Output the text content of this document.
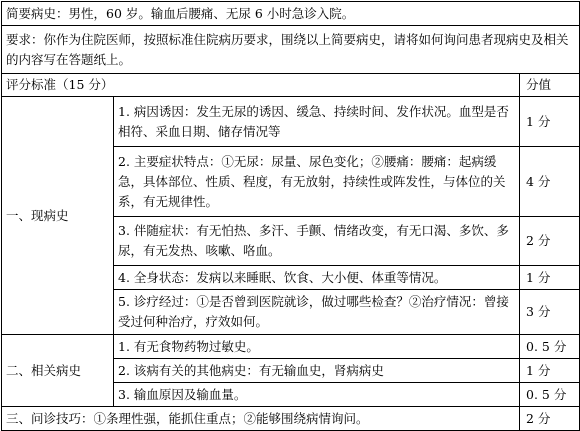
简要病史：男性，60 岁。输血后腰痛、无尿 6 小时急诊入院。		
要求：你作为住院医师，按照标准住院病历要求，围绕以上简要病史，请将如何询问患者现病史及相关的内容写在答题纸上。		
评分标准（15 分）		分值
一、现病史	1. 病因诱因：发生无尿的诱因、缓急、持续时间、发作状况。血型是否相符、采血日期、储存情况等	1 分
	2. 主要症状特点：①无尿：尿量、尿色变化；②腰痛：腰痛：起病缓急，具体部位、性质、程度，有无放射，持续性或阵发性，与体位的关系，有无规律性。	4 分
	3. 伴随症状：有无怕热、多汗、手颤、情绪改变，有无口渴、多饮、多尿，有无发热、咳嗽、咯血。	2 分
	4. 全身状态：发病以来睡眠、饮食、大小便、体重等情况。	1 分
	5. 诊疗经过：①是否曾到医院就诊，做过哪些检查？②治疗情况：曾接受过何种治疗，疗效如何。	3 分
二、相关病史	1. 有无食物药物过敏史。	0. 5 分
	2. 该病有关的其他病史：有无输血史，肾病病史	1 分
	3. 输血原因及输血量。	0. 5 分
三、问诊技巧：①条理性强，能抓住重点；②能够围绕病情询问。		2 分
